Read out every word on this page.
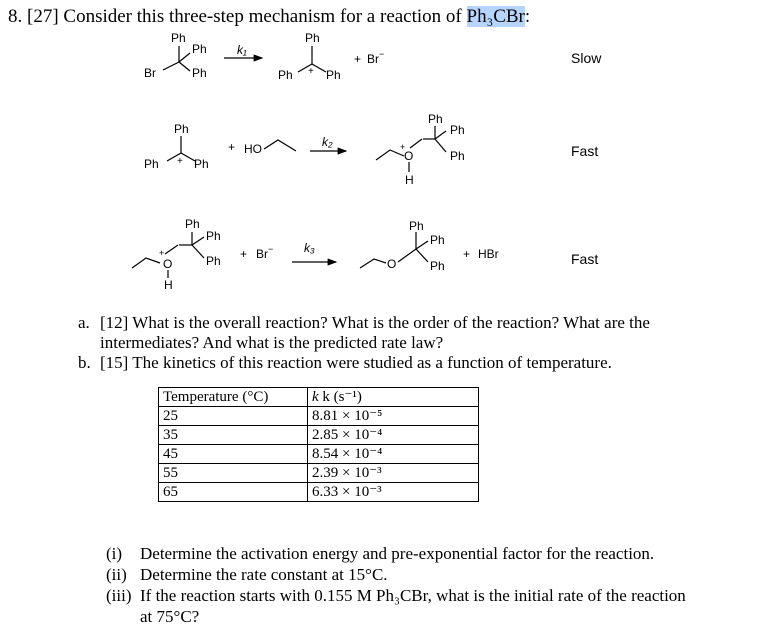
8. [27] Consider this three-step mechanism for a reaction of Ph₃CBr:
Ph
Ph
Ph
Br
k₁
Ph
Ph	Ph
+
+ Br−	Slow
Ph
Ph	Ph
+
+ HO	k₂
Ph
Ph
Ph
O
+
H
Fast
Ph
Ph
Ph
O
+
H
+ Br−	k₃
Ph
Ph
Ph
O
+ HBr	Fast
a. [12] What is the overall reaction? What is the order of the reaction? What are the
intermediates? And what is the predicted rate law?
b. [15] The kinetics of this reaction were studied as a function of temperature.
Temperature (°C)	k k (s⁻¹)
25	8.81 × 10⁻⁵
35	2.85 × 10⁻⁴
45	8.54 × 10⁻⁴
55	2.39 × 10⁻³
65	6.33 × 10⁻³
(i) Determine the activation energy and pre-exponential factor for the reaction.
(ii) Determine the rate constant at 15°C.
(iii) If the reaction starts with 0.155 M Ph₃CBr, what is the initial rate of the reaction
at 75°C?
